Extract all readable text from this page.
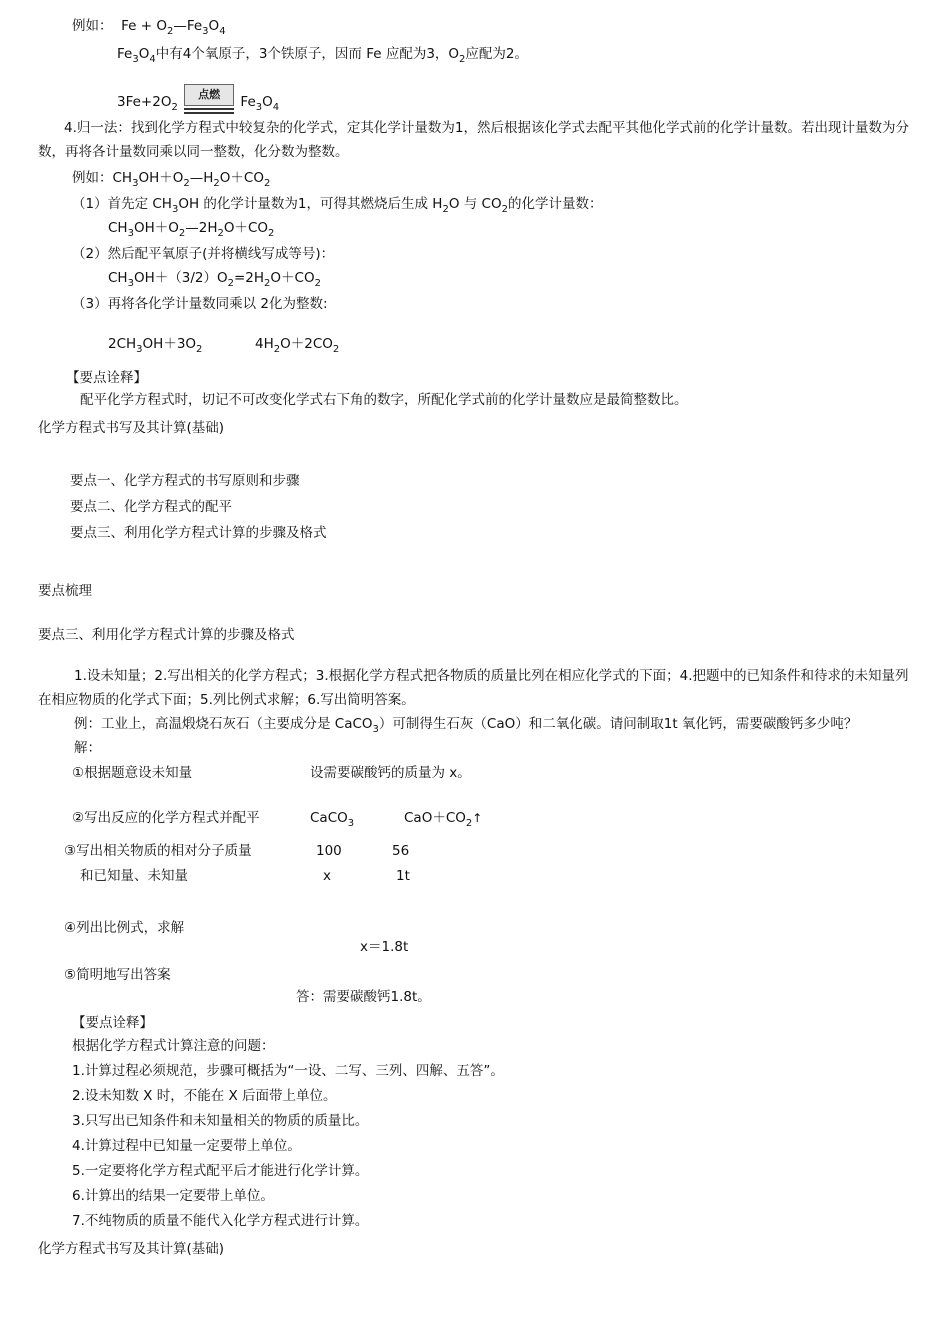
例如： $Fe + O_2—Fe_3O_4$
$Fe_3O_4$中有4个氧原子，3个铁原子，因而 Fe 应配为3，$O_2$应配为2。
$3Fe+2O_2$
点燃	$Fe_3O_4$
4.归一法：找到化学方程式中较复杂的化学式，定其化学计量数为1，然后根据该化学式去配平其他化学式前的化学计量数。若出现计量数为分数，再将各计量数同乘以同一整数，化分数为整数。
例如：$CH_3OH+O_2—H_2O+CO_2$
（1）首先定 $CH_3OH$ 的化学计量数为1，可得其燃烧后生成 $H_2O$ 与 $CO_2$的化学计量数：
$CH_3OH+O_2—2H_2O+CO_2$
（2）然后配平氧原子(并将横线写成等号)：
$CH_3OH+(3/2)O_2=2H_2O+CO_2$
（3）再将各化学计量数同乘以 2化为整数:
$2CH_3OH+3O_2$	$4H_2O+2CO_2$
【要点诠释】
配平化学方程式时，切记不可改变化学式右下角的数字，所配化学式前的化学计量数应是最简整数比。
化学方程式书写及其计算(基础)
要点一、化学方程式的书写原则和步骤
要点二、化学方程式的配平
要点三、利用化学方程式计算的步骤及格式
要点梳理
要点三、利用化学方程式计算的步骤及格式
1.设未知量；2.写出相关的化学方程式；3.根据化学方程式把各物质的质量比列在相应化学式的下面；4.把题中的已知条件和待求的未知量列在相应物质的化学式下面；5.列比例式求解；6.写出简明答案。
例：工业上，高温煅烧石灰石（主要成分是 CaCO$_3$）可制得生石灰（CaO）和二氧化碳。请问制取1t 氧化钙，需要碳酸钙多少吨？
解：
①根据题意设未知量	设需要碳酸钙的质量为 x。
②写出反应的化学方程式并配平	CaCO$_3$	$CaO+CO_2↑$
③写出相关物质的相对分子质量	100	56
和已知量、未知量	x	1t
④列出比例式，求解
x＝1.8t
⑤简明地写出答案
答：需要碳酸钙1.8t。
【要点诠释】
根据化学方程式计算注意的问题：
1.计算过程必须规范，步骤可概括为“一设、二写、三列、四解、五答”。
2.设未知数 X 时，不能在 X 后面带上单位。
3.只写出已知条件和未知量相关的物质的质量比。
4.计算过程中已知量一定要带上单位。
5.一定要将化学方程式配平后才能进行化学计算。
6.计算出的结果一定要带上单位。
7.不纯物质的质量不能代入化学方程式进行计算。
化学方程式书写及其计算(基础)
